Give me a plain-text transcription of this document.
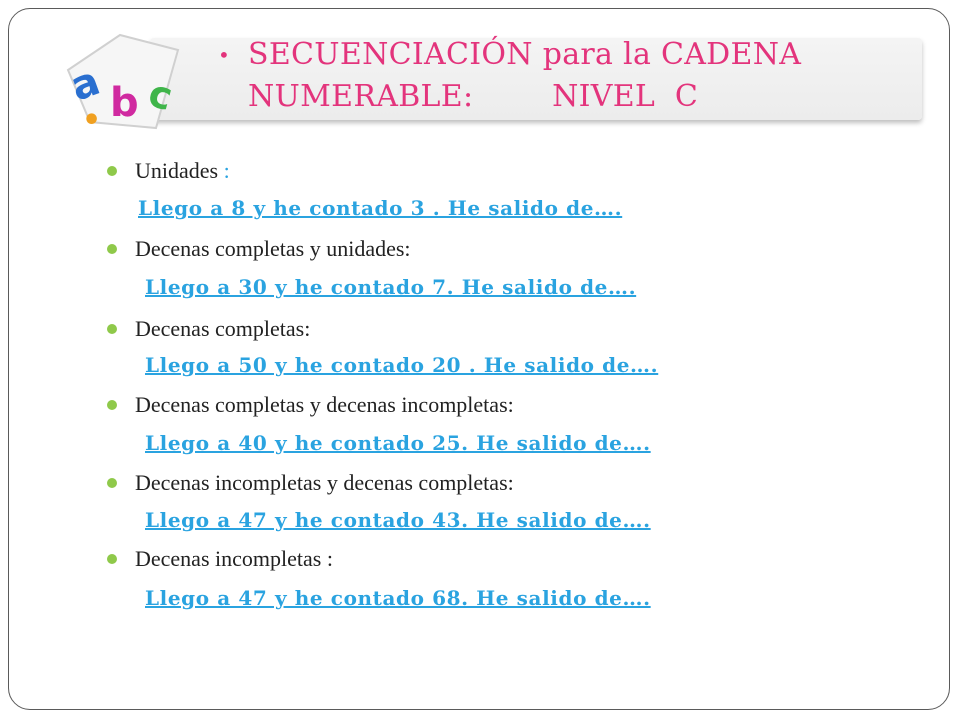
a b c
•
• SECUENCIACIÓN para la CADENA
NUMERABLE:        NIVEL  C
Unidades :
Llego a 8 y he contado 3 . He salido de….
Decenas completas y unidades:
Llego a 30 y he contado 7. He salido de….
Decenas completas:
Llego a 50 y he contado 20 . He salido de….
Decenas completas y decenas incompletas:
Llego a 40 y he contado 25. He salido de….
Decenas incompletas y decenas completas:
Llego a 47 y he contado 43. He salido de….
Decenas incompletas :
Llego a 47 y he contado 68. He salido de….
